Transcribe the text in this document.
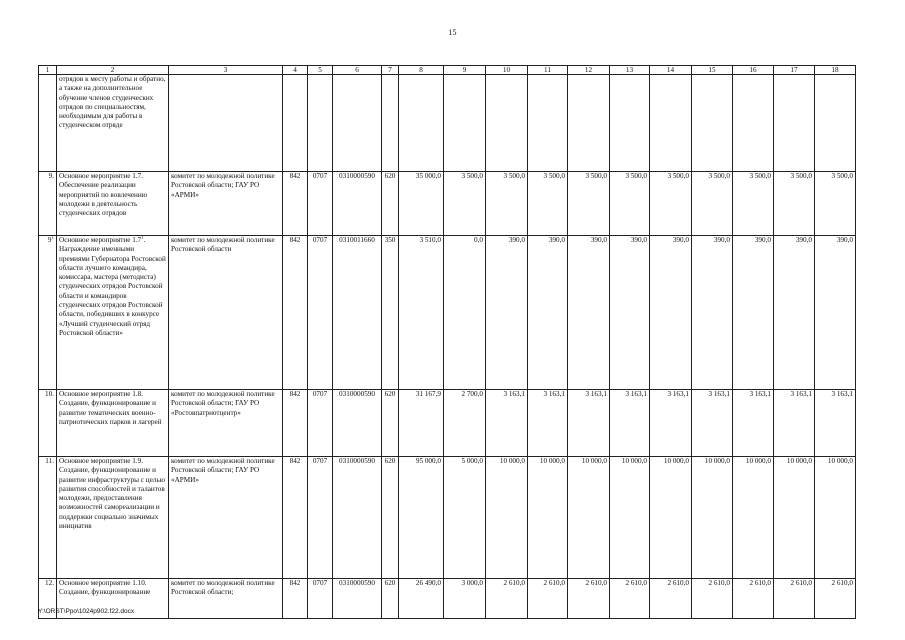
15
1	2	3	4	5	6	7	8	9	10	11	12	13	14	15	16	17	18
	отрядов к месту работы и обратно, а также на дополнительное обучение членов студенческих отрядов по специальностям, необходимым для работы в студенческом отряде																
9.	Основное мероприятие 1.7. Обеспечение реализации мероприятий по вовлечению молодежи в деятельность студенческих отрядов	комитет по молодежной политике Ростовской области; ГАУ РО «АРМИ»	842	0707	0310000590	620	35 000,0	3 500,0	3 500,0	3 500,0	3 500,0	3 500,0	3 500,0	3 500,0	3 500,0	3 500,0	3 500,0
$9^1$	Основное мероприятие $1.7^1$. Награждение именными премиями Губернатора Ростовской области лучшего командира, комиссара, мастера (методиста) студенческих отрядов Ростовской области и командиров студенческих отрядов Ростовской области, победивших в конкурсе «Лучший студенческий отряд Ростовской области»	комитет по молодежной политике Ростовской области	842	0707	0310011660	350	3 510,0	0,0	390,0	390,0	390,0	390,0	390,0	390,0	390,0	390,0	390,0
10.	Основное мероприятие 1.8. Создание, функционирование и развитие тематических военно-патриотических парков и лагерей	комитет по молодежной политике Ростовской области; ГАУ РО «Ростовпатриотцентр»	842	0707	0310000590	620	31 167,9	2 700,0	3 163,1	3 163,1	3 163,1	3 163,1	3 163,1	3 163,1	3 163,1	3 163,1	3 163,1
11.	Основное мероприятие 1.9. Создание, функционирование и развитие инфраструктуры с целью развития способностей и талантов молодежи, предоставления возможностей самореализации и поддержки социально значимых инициатив	комитет по молодежной политике Ростовской области; ГАУ РО «АРМИ»	842	0707	0310000590	620	95 000,0	5 000,0	10 000,0	10 000,0	10 000,0	10 000,0	10 000,0	10 000,0	10 000,0	10 000,0	10 000,0
12.	Основное мероприятие 1.10. Создание, функционирование	комитет по молодежной политике Ростовской области;	842	0707	0310000590	620	26 490,0	3 000,0	2 610,0	2 610,0	2 610,0	2 610,0	2 610,0	2 610,0	2 610,0	2 610,0	2 610,0
Y:\ORST\Ppo\1024p902.f22.docx
